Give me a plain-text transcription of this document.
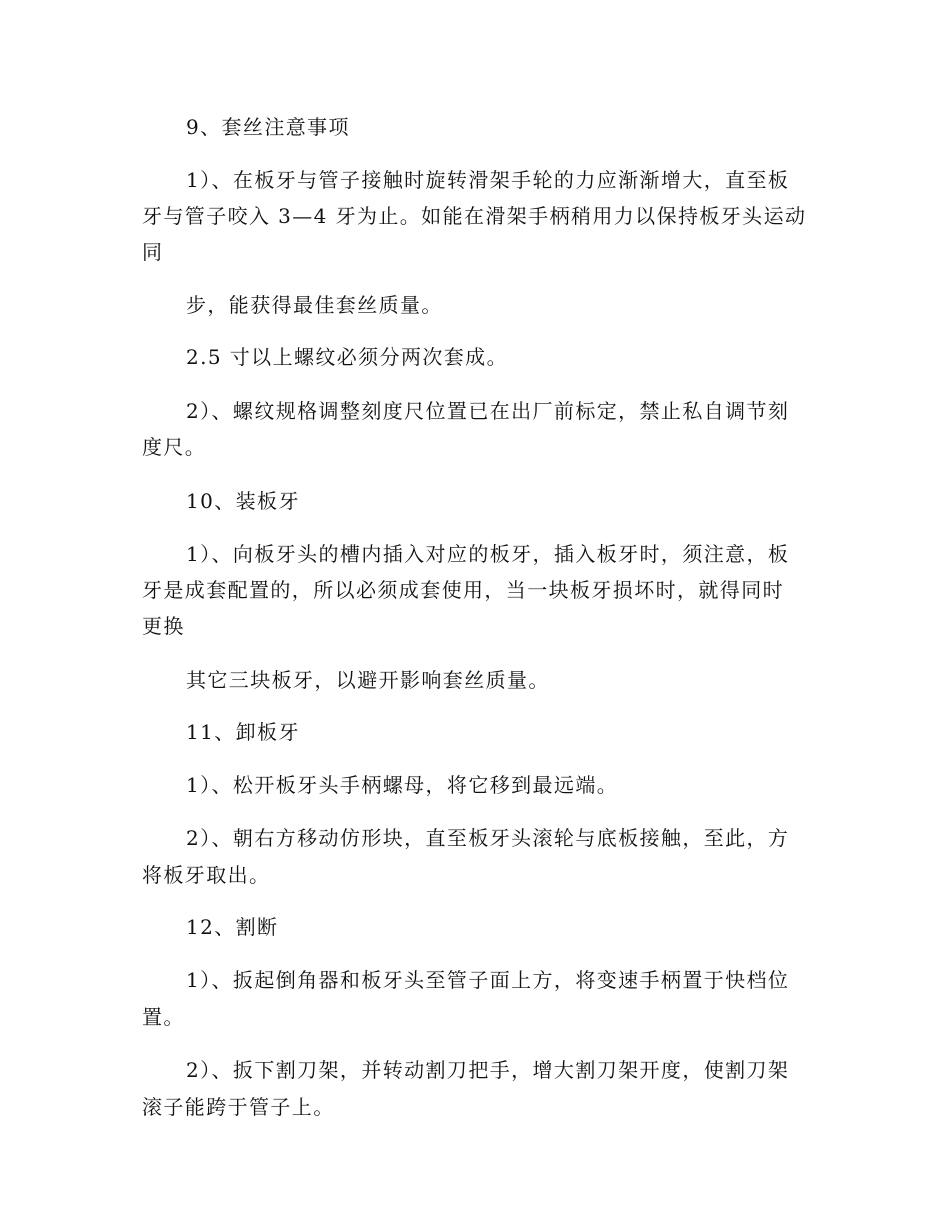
9、套丝注意事项
1）、在板牙与管子接触时旋转滑架手轮的力应渐渐增大，直至板
牙与管子咬入 3—4 牙为止。如能在滑架手柄稍用力以保持板牙头运动
同
步，能获得最佳套丝质量。
2.5 寸以上螺纹必须分两次套成。
2）、螺纹规格调整刻度尺位置已在出厂前标定，禁止私自调节刻
度尺。
10、装板牙
1）、向板牙头的槽内插入对应的板牙，插入板牙时，须注意，板
牙是成套配置的，所以必须成套使用，当一块板牙损坏时，就得同时
更换
其它三块板牙，以避开影响套丝质量。
11、卸板牙
1）、松开板牙头手柄螺母，将它移到最远端。
2）、朝右方移动仿形块，直至板牙头滚轮与底板接触，至此，方
将板牙取出。
12、割断
1）、扳起倒角器和板牙头至管子面上方，将变速手柄置于快档位
置。
2）、扳下割刀架，并转动割刀把手，增大割刀架开度，使割刀架
滚子能跨于管子上。
